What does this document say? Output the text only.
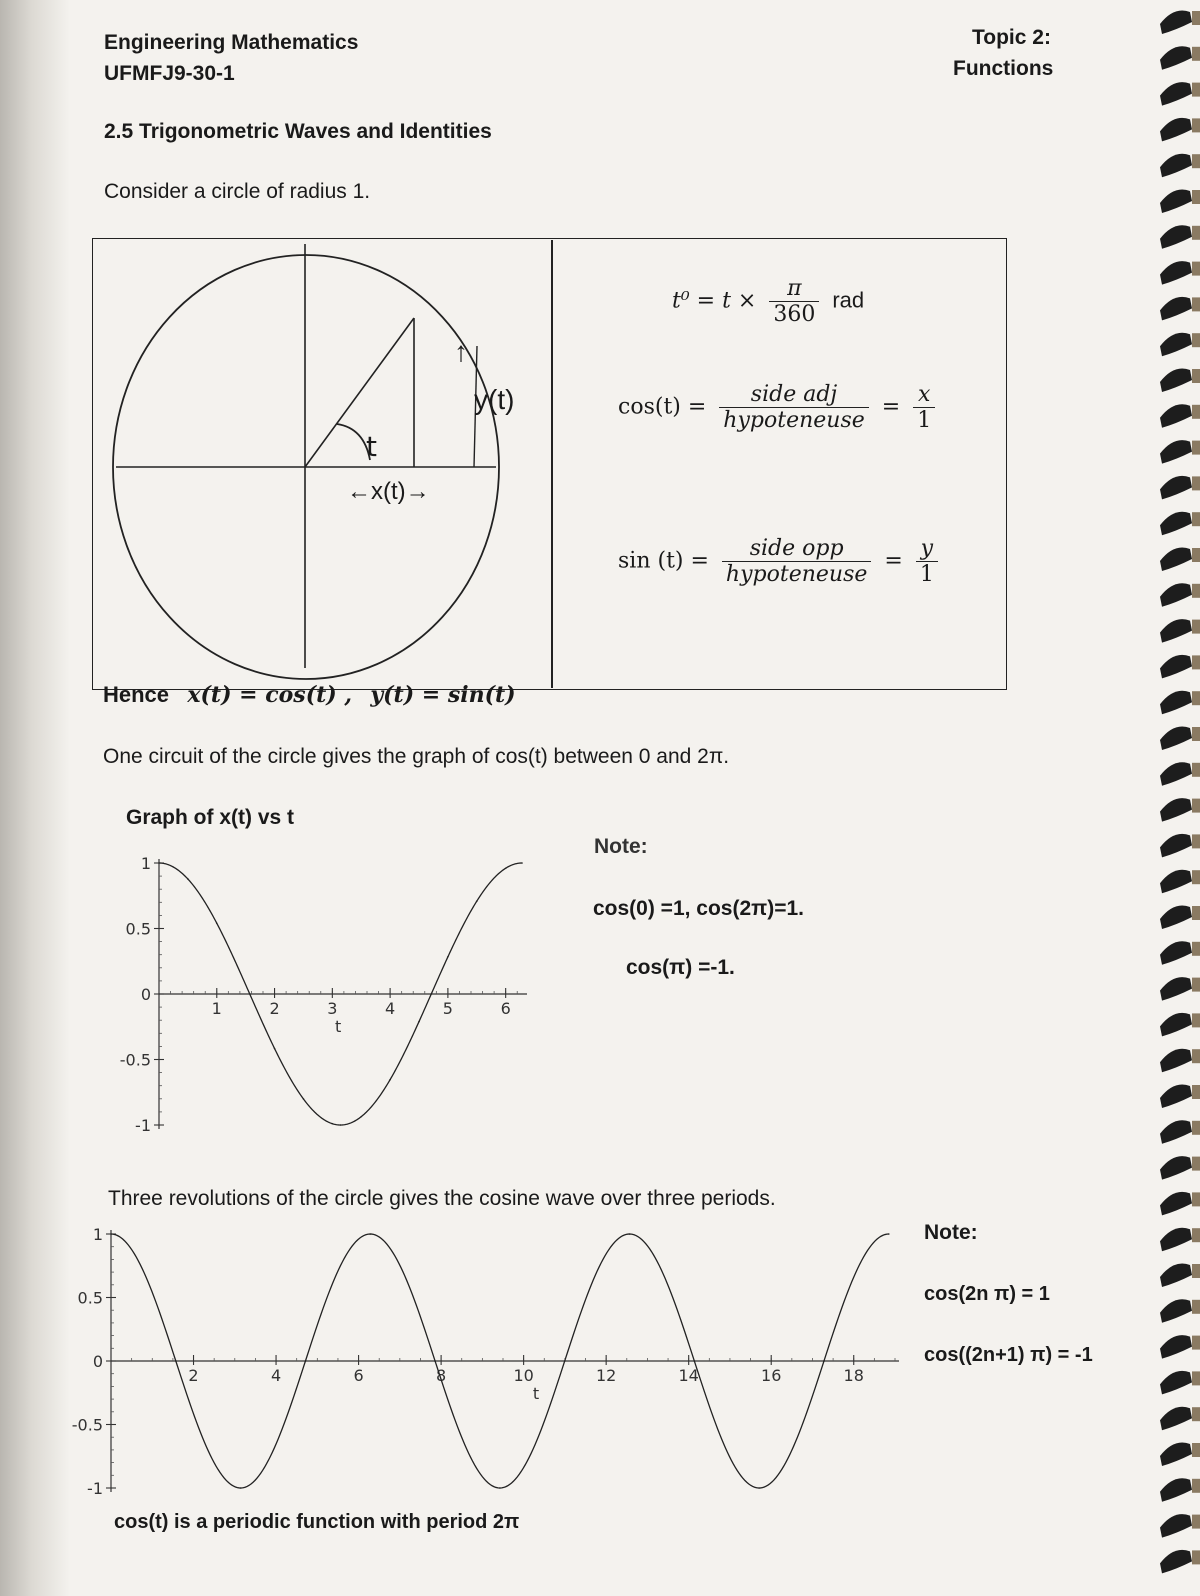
Engineering Mathematics
UFMFJ9-30-1
Topic 2:
Functions
2.5 Trigonometric Waves and Identities
Consider a circle of radius 1.
t
↑
y(t)
←x(t)→
$t^0 = t \times \frac{\pi}{360}$ rad
$\cos(t) = \frac{\text{side adj}}{\text{hypoteneuse}} = \frac{x}{1}$
$\sin (t) = \frac{\text{side opp}}{\text{hypoteneuse}} = \frac{y}{1}$
Hence x(t) = cos(t) , y(t) = sin(t)
One circuit of the circle gives the graph of cos(t) between 0 and 2π.
Graph of x(t) vs t
1
0.5
0
-0.5
-1
1	2	3	4	5	6
t
Note:
cos(0) =1, cos(2π)=1.
cos(π) =-1.
Three revolutions of the circle gives the cosine wave over three periods.
1
0.5
0
-0.5
-1
2	4	6	8	10	12	14	16	18
t
Note:
cos(2n π) = 1
cos((2n+1) π) = -1
cos(t) is a periodic function with period 2π
